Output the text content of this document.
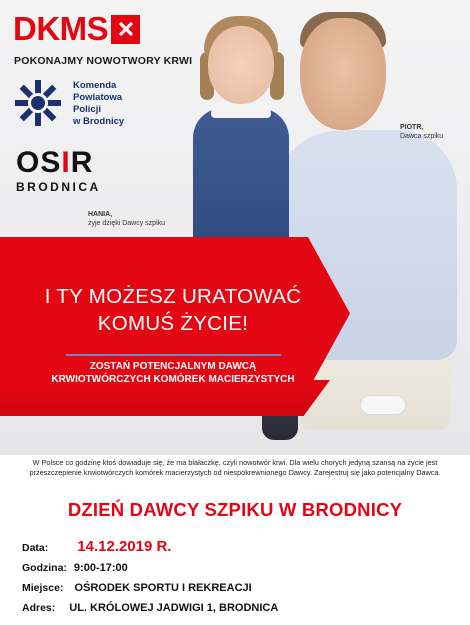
DKMS
POKONAJMY NOWOTWORY KRWI
Komenda
Powiatowa
Policji
w Brodnicy
OSIR
BRODNICA
HANIA,
żyje dzięki Dawcy szpiku
PIOTR,
Dawca szpiku
I TY MOŻESZ URATOWAĆ
KOMUŚ ŻYCIE!
ZOSTAŃ POTENCJALNYM DAWCĄ
KRWIOTWÓRCZYCH KOMÓREK MACIERZYSTYCH
W Polsce co godzinę ktoś dowiaduje się, że ma białaczkę, czyli nowotwór krwi. Dla wielu chorych jedyną szansą na życie jest przeszczepienie krwiotwórczych komórek macierzystych od niespokrewnionego Dawcy. Zarejestruj się jako potencjalny Dawca.
DZIEŃ DAWCY SZPIKU W BRODNICY
Data: 14.12.2019 R.
Godzina: 9:00-17:00
Miejsce: OŚRODEK SPORTU I REKREACJI
Adres: UL. KRÓLOWEJ JADWIGI 1, BRODNICA
